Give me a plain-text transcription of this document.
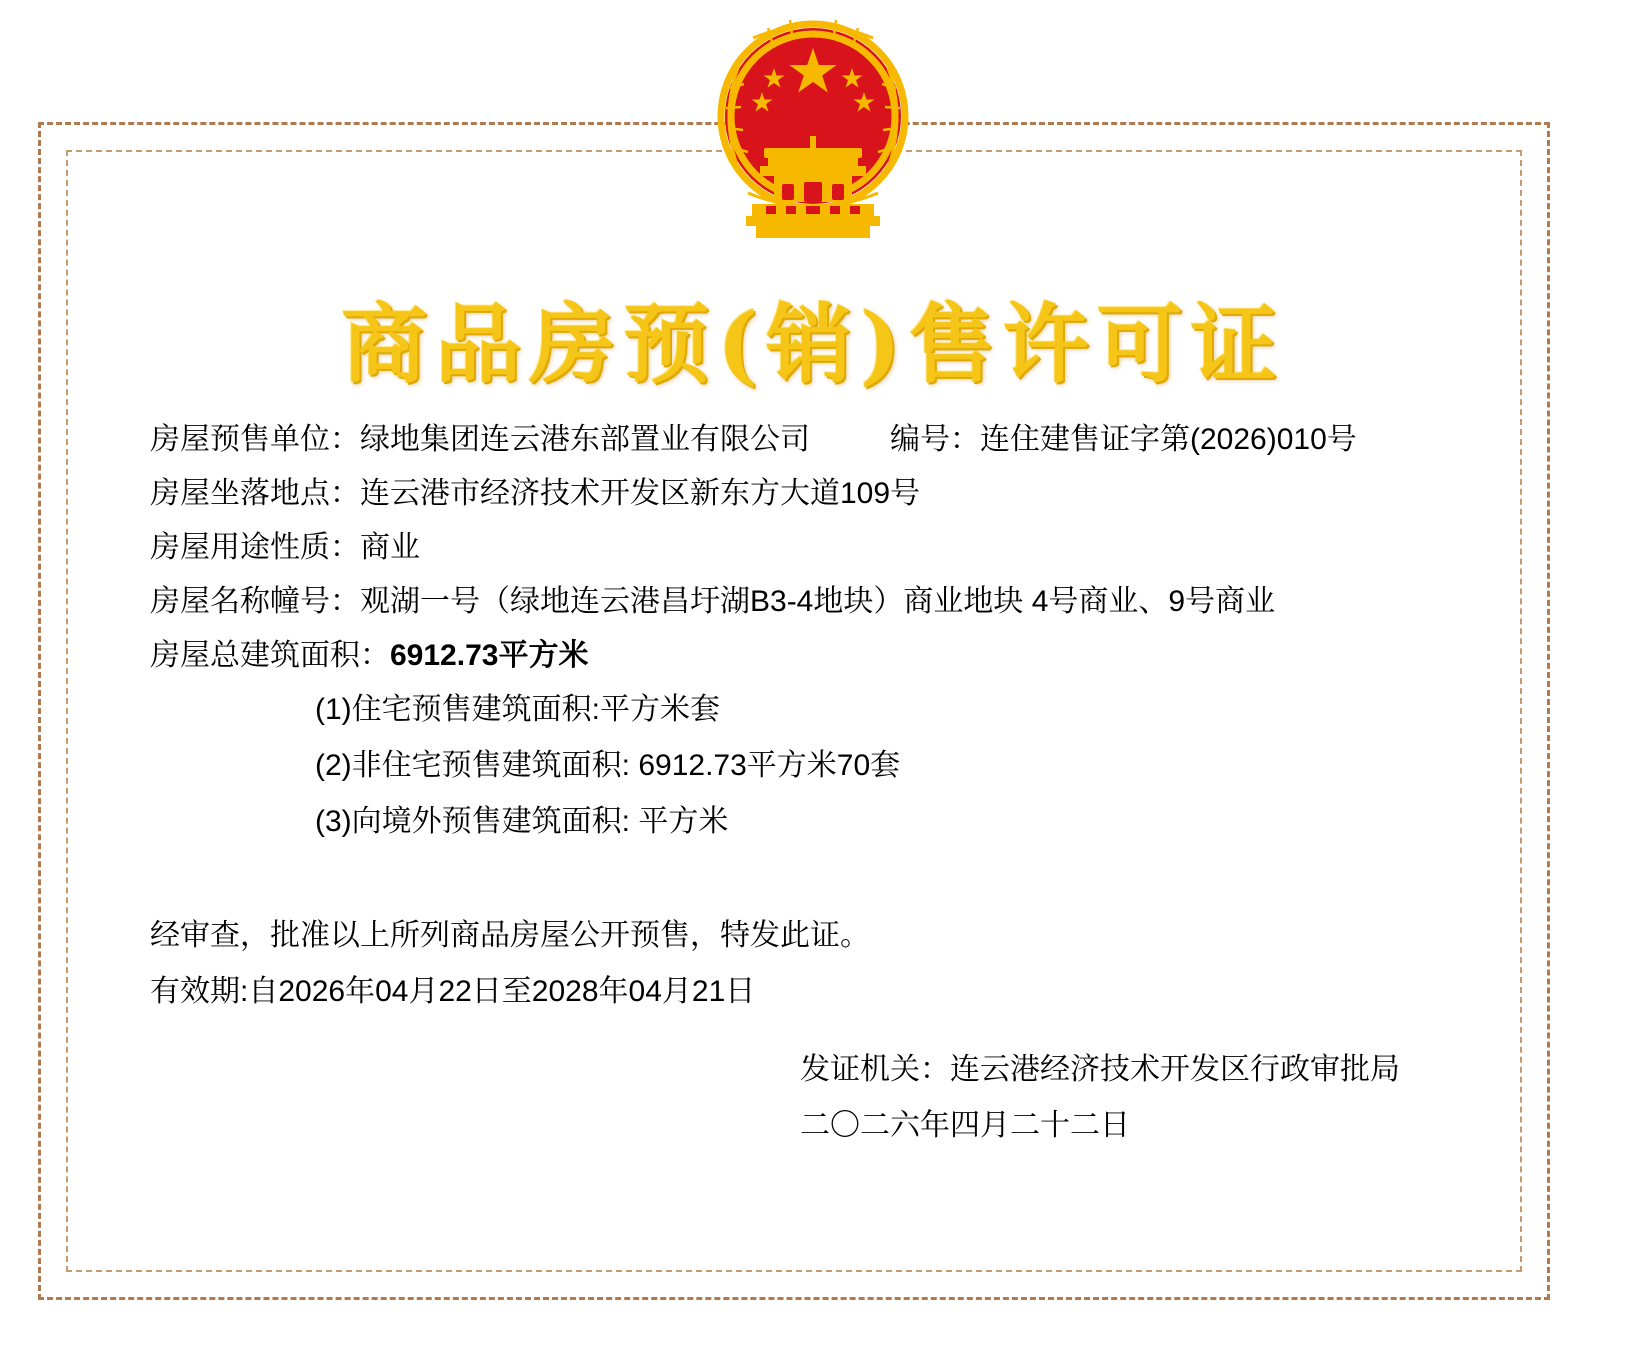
商品房预(销)售许可证
房屋预售单位：绿地集团连云港东部置业有限公司	编号：连住建售证字第(2026)010号
房屋坐落地点：连云港市经济技术开发区新东方大道109号
房屋用途性质：商业
房屋名称幢号：观湖一号（绿地连云港昌圩湖B3-4地块）商业地块 4号商业、9号商业
房屋总建筑面积：6912.73平方米
(1)住宅预售建筑面积:平方米套
(2)非住宅预售建筑面积: 6912.73平方米70套
(3)向境外预售建筑面积: 平方米
经审查，批准以上所列商品房屋公开预售，特发此证。
有效期:自2026年04月22日至2028年04月21日
发证机关：连云港经济技术开发区行政审批局
二〇二六年四月二十二日
